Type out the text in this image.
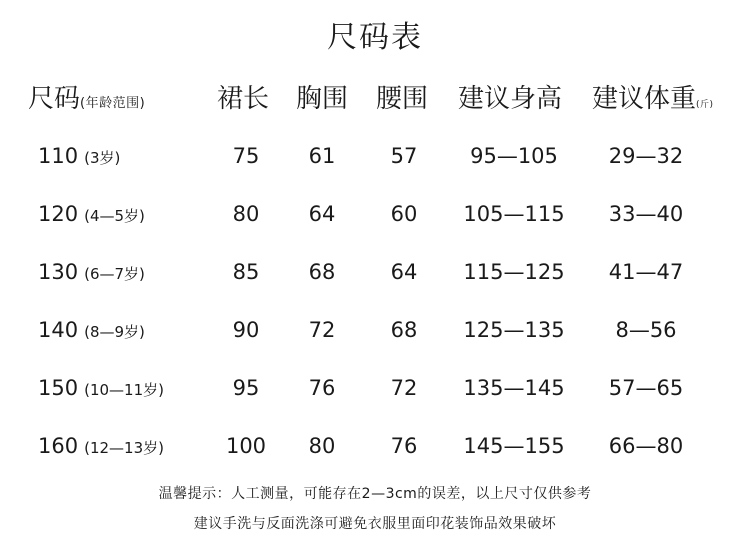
尺码表
尺码(年龄范围)	裙长 胸围 腰围 建议身高 建议体重(斤)
110 (3岁)	75	61	57	95—105	29—32
120 (4—5岁)	80	64	60	105—115	33—40
130 (6—7岁)	85	68	64	115—125	41—47
140 (8—9岁)	90	72	68	125—135	8—56
150 (10—11岁)	95	76	72	135—145	57—65
160 (12—13岁)	100	80	76	145—155	66—80
温馨提示：人工测量，可能存在2—3cm的误差，以上尺寸仅供参考
建议手洗与反面洗涤可避免衣服里面印花装饰品效果破坏
